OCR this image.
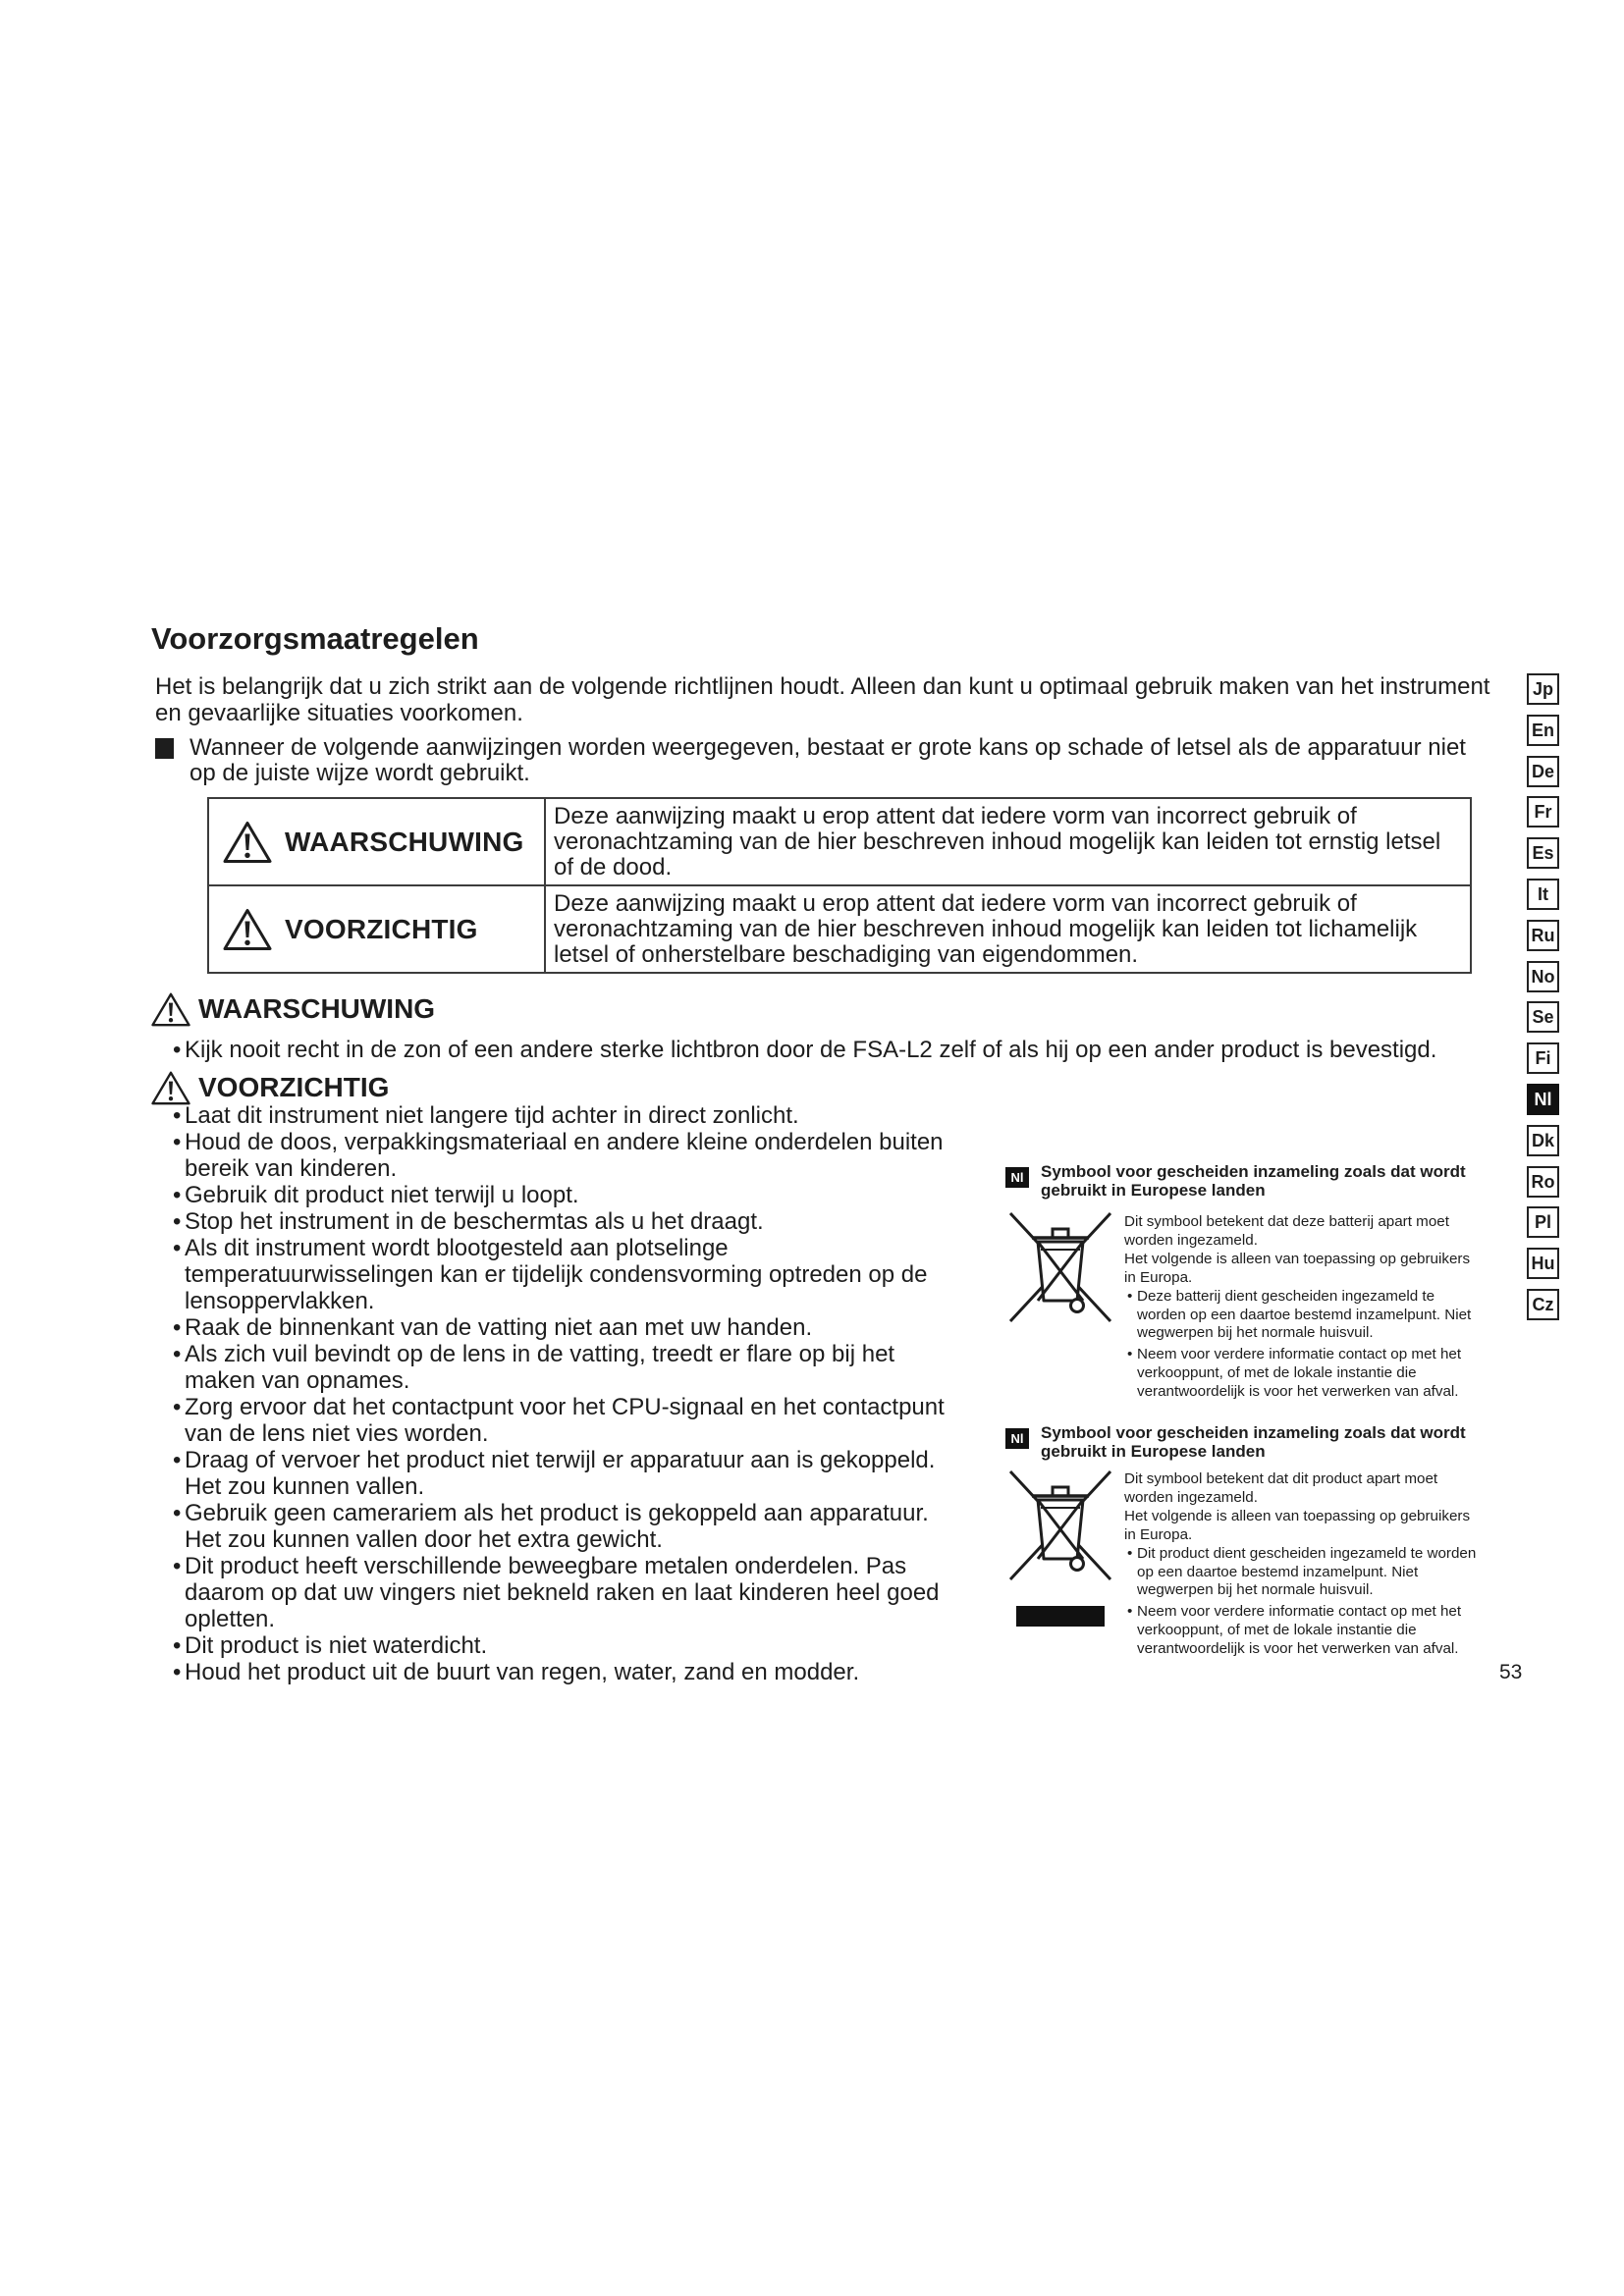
Voorzorgsmaatregelen

Het is belangrijk dat u zich strikt aan de volgende richtlijnen houdt. Alleen dan kunt u optimaal gebruik maken van het instrument en gevaarlijke situaties voorkomen.

Wanneer de volgende aanwijzingen worden weergegeven, bestaat er grote kans op schade of letsel als de apparatuur niet op de juiste wijze wordt gebruikt.
WAARSCHUWING
Deze aanwijzing maakt u erop attent dat iedere vorm van incorrect gebruik of veronachtzaming van de hier beschreven inhoud mogelijk kan leiden tot ernstig letsel of de dood.
VOORZICHTIG
Deze aanwijzing maakt u erop attent dat iedere vorm van incorrect gebruik of veronachtzaming van de hier beschreven inhoud mogelijk kan leiden tot lichamelijk letsel of onherstelbare beschadiging van eigendommen.
WAARSCHUWING
• Kijk nooit recht in de zon of een andere sterke lichtbron door de FSA-L2 zelf of als hij op een ander product is bevestigd.
VOORZICHTIG
• Laat dit instrument niet langere tijd achter in direct zonlicht.
• Houd de doos, verpakkingsmateriaal en andere kleine onderdelen buiten bereik van kinderen.
• Gebruik dit product niet terwijl u loopt.
• Stop het instrument in de beschermtas als u het draagt.
• Als dit instrument wordt blootgesteld aan plotselinge temperatuurwisselingen kan er tijdelijk condensvorming optreden op de lensoppervlakken.
• Raak de binnenkant van de vatting niet aan met uw handen.
• Als zich vuil bevindt op de lens in de vatting, treedt er flare op bij het maken van opnames.
• Zorg ervoor dat het contactpunt voor het CPU-signaal en het contactpunt van de lens niet vies worden.
• Draag of vervoer het product niet terwijl er apparatuur aan is gekoppeld. Het zou kunnen vallen.
• Gebruik geen camerariem als het product is gekoppeld aan apparatuur. Het zou kunnen vallen door het extra gewicht.
• Dit product heeft verschillende beweegbare metalen onderdelen. Pas daarom op dat uw vingers niet bekneld raken en laat kinderen heel goed opletten.
• Dit product is niet waterdicht.
• Houd het product uit de buurt van regen, water, zand en modder.
Nl	Symbool voor gescheiden inzameling zoals dat wordt gebruikt in Europese landen

Dit symbool betekent dat deze batterij apart moet worden ingezameld.

Het volgende is alleen van toepassing op gebruikers in Europa.

• Deze batterij dient gescheiden ingezameld te worden op een daartoe bestemd inzamelpunt. Niet wegwerpen bij het normale huisvuil.
• Neem voor verdere informatie contact op met het verkooppunt, of met de lokale instantie die verantwoordelijk is voor het verwerken van afval.
Nl	Symbool voor gescheiden inzameling zoals dat wordt gebruikt in Europese landen

Dit symbool betekent dat dit product apart moet worden ingezameld.

Het volgende is alleen van toepassing op gebruikers in Europa.

• Dit product dient gescheiden ingezameld te worden op een daartoe bestemd inzamelpunt. Niet wegwerpen bij het normale huisvuil.
• Neem voor verdere informatie contact op met het verkooppunt, of met de lokale instantie die verantwoordelijk is voor het verwerken van afval.
53
Jp
En
De
Fr
Es
It
Ru
No
Se
Fi
Nl
Dk
Ro
Pl
Hu
Cz
